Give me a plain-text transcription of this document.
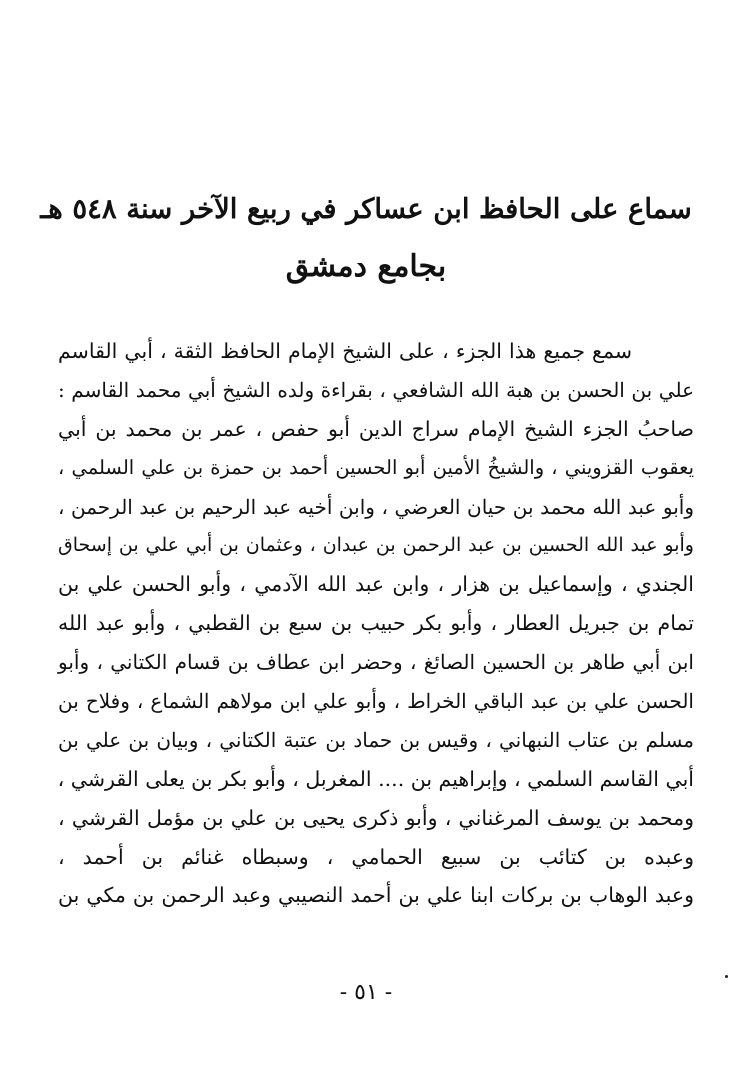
سماع على الحافظ ابن عساكر في ربيع الآخر سنة ٥٤٨ هـ
بجامع دمشق
سمع جميع هذا الجزء ، على الشيخ الإمام الحافظ الثقة ، أبي القاسم
علي بن الحسن بن هبة الله الشافعي ، بقراءة ولده الشيخ أبي محمد القاسم :
صاحبُ الجزء الشيخ الإمام سراج الدين أبو حفص ، عمر بن محمد بن أبي
يعقوب القزويني ، والشيخُ الأمين أبو الحسين أحمد بن حمزة بن علي السلمي ،
وأبو عبد الله محمد بن حيان العرضي ، وابن أخيه عبد الرحيم بن عبد الرحمن ،
وأبو عبد الله الحسين بن عبد الرحمن بن عبدان ، وعثمان بن أبي علي بن إسحاق
الجندي ، وإسماعيل بن هزار ، وابن عبد الله الآدمي ، وأبو الحسن علي بن
تمام بن جبريل العطار ، وأبو بكر حبيب بن سبع بن القطبي ، وأبو عبد الله
ابن أبي طاهر بن الحسين الصائغ ، وحضر ابن عطاف بن قسام الكتاني ، وأبو
الحسن علي بن عبد الباقي الخراط ، وأبو علي ابن مولاهم الشماع ، وفلاح بن
مسلم بن عتاب النبهاني ، وقيس بن حماد بن عتبة الكتاني ، وبيان بن علي بن
أبي القاسم السلمي ، وإبراهيم بن .... المغربل ، وأبو بكر بن يعلى القرشي ،
ومحمد بن يوسف المرغناني ، وأبو ذكرى يحيى بن علي بن مؤمل القرشي ،
وعبده بن كتائب بن سبيع الحمامي ، وسبطاه غنائم بن أحمد ،
وعبد الوهاب بن بركات ابنا علي بن أحمد النصيبي وعبد الرحمن بن مكي بن
- ٥١ -
